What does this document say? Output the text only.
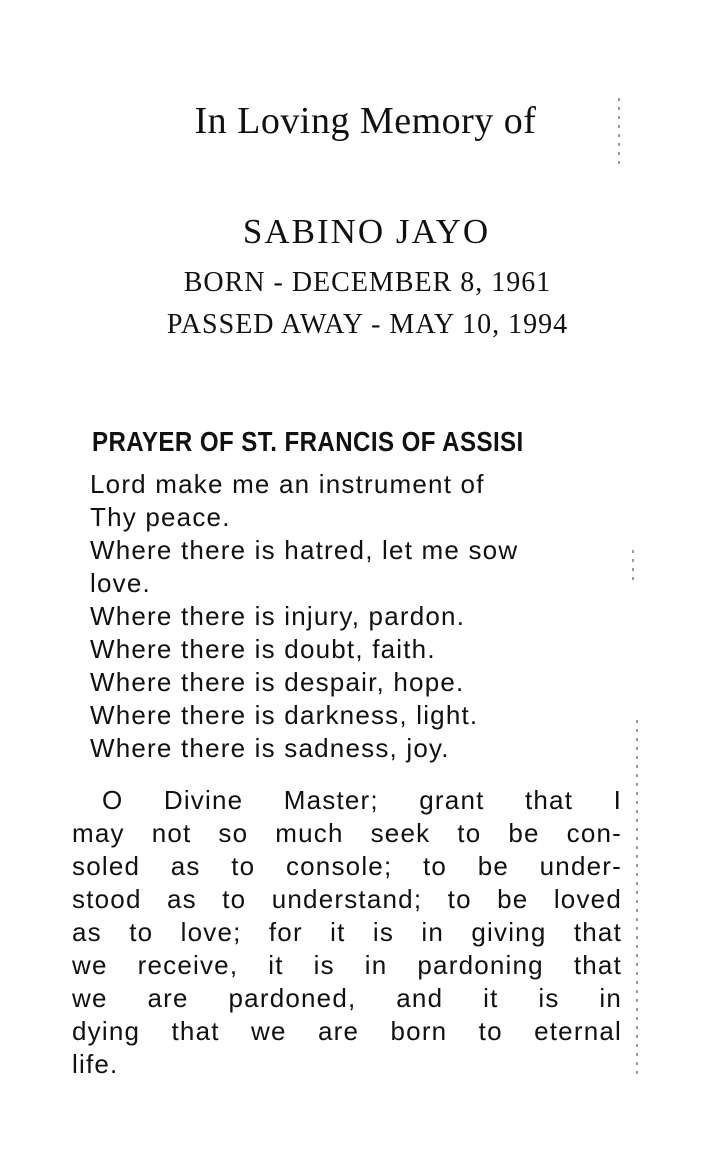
In Loving Memory of
SABINO JAYO
BORN - DECEMBER 8, 1961
PASSED AWAY - MAY 10, 1994
PRAYER OF ST. FRANCIS OF ASSISI
Lord make me an instrument of
Thy peace.
Where there is hatred, let me sow
love.
Where there is injury, pardon.
Where there is doubt, faith.
Where there is despair, hope.
Where there is darkness, light.
Where there is sadness, joy.

O Divine Master; grant that I
may not so much seek to be con-
soled as to console; to be under-
stood as to understand; to be loved
as to love; for it is in giving that
we receive, it is in pardoning that
we are pardoned, and it is in
dying that we are born to eternal
life.
